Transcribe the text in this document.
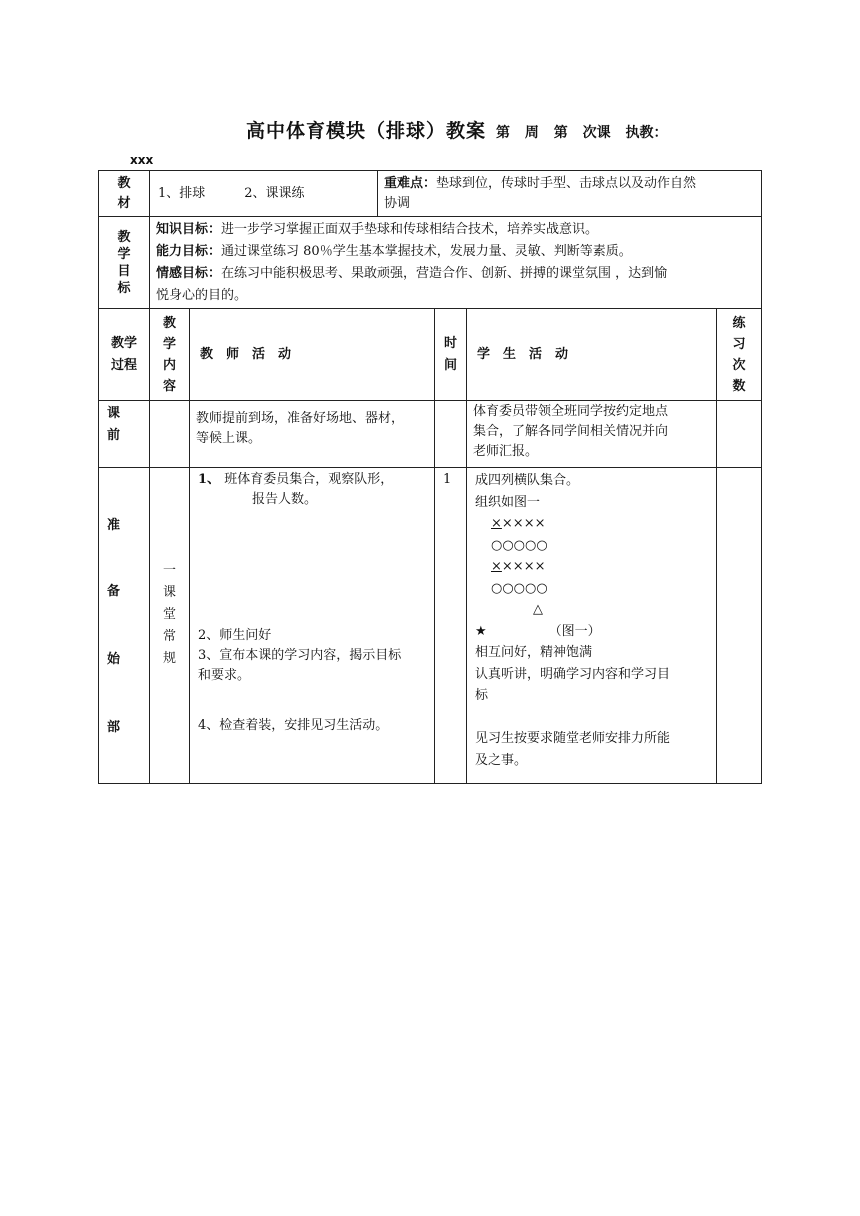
高中体育模块（排球）教案 第 周 第 次课 执教：
xxx
教
材
1、排球　　　2、课课练
重难点：垫球到位，传球时手型、击球点以及动作自然
协调
教
学
目
标
知识目标：进一步学习掌握正面双手垫球和传球相结合技术，培养实战意识。
能力目标：通过课堂练习 80％学生基本掌握技术，发展力量、灵敏、判断等素质。
情感目标：在练习中能积极思考、果敢顽强，营造合作、创新、拼搏的课堂氛围 ，达到愉
悦身心的目的。
教学
过程
教
学
内
容
教　师　活　动
时
间
学　生　活　动
练
习
次
数
课
前
教师提前到场，准备好场地、器材，
等候上课。
体育委员带领全班同学按约定地点
集合，了解各同学间相关情况并向
老师汇报。
准
备
始
部
一
课
堂
常
规
1、 班体育委员集合，观察队形，
报告人数。
2、师生问好
3、宣布本课的学习内容，揭示目标
和要求。
4、检查着装，安排见习生活动。
1 成四列横队集合。
组织如图一
×××××
○○○○○
×××××
○○○○○
△
★	（图一）
相互问好，精神饱满
认真听讲，明确学习内容和学习目
标

见习生按要求随堂老师安排力所能
及之事。
